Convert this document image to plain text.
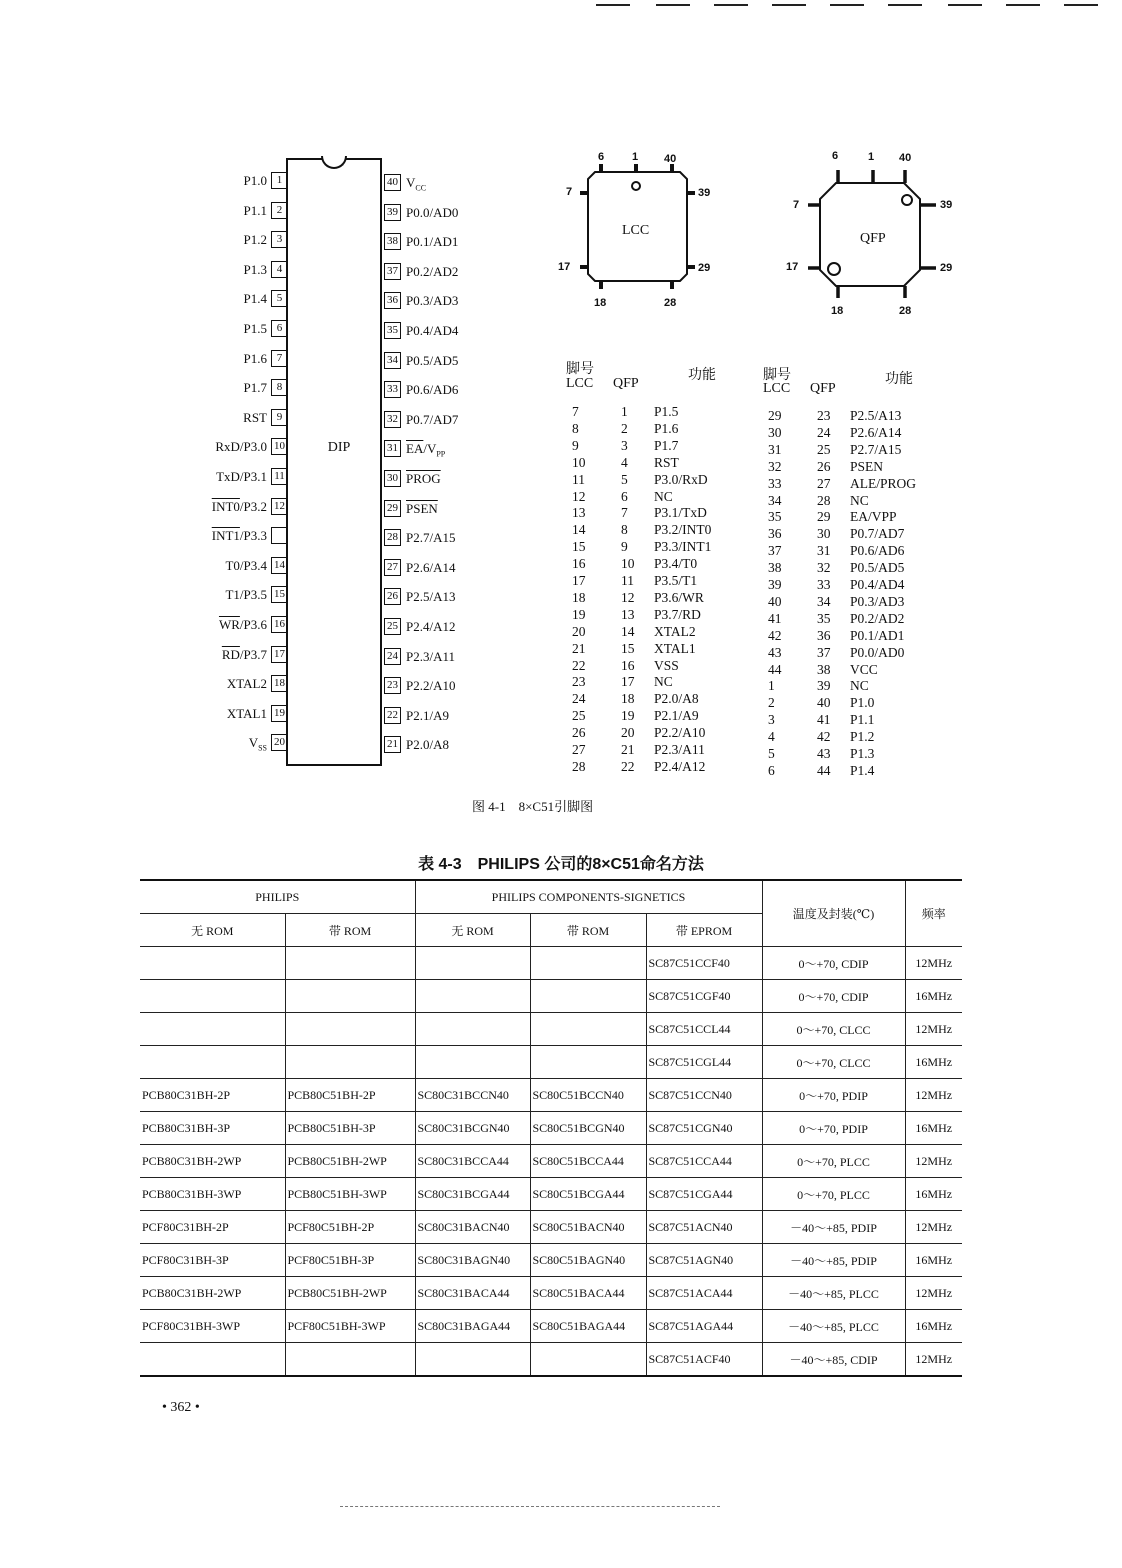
DIP
P1.0 1
P1.1 2
P1.2 3
P1.3 4
P1.4 5
P1.5 6
P1.6 7
P1.7 8
RST 9
RxD/P3.0 10
TxD/P3.1 11
INT0/P3.2 12
INT1/P3.3
T0/P3.4 14
T1/P3.5 15
$\overline{WR}/P3.6$ 16
$\overline{RD}/P3.7$ 17
XTAL2 18
XTAL1 19
$V_{SS}$
20
40 $V_{CC}$
39 P0.0/AD0
38 P0.1/AD1
37 P0.2/AD2
36 P0.3/AD3
35 P0.4/AD4
34 P0.5/AD5
33 P0.6/AD6
32 P0.7/AD7
31 $\overline{EA}/V_{PP}$
30 PROG
29 PSEN
28 P2.7/A15
27 P2.6/A14
26 P2.5/A13
25 P2.4/A12
24 P2.3/A11
23 P2.2/A10
22 P2.1/A9
21 P2.0/A8
LCC
6	1 40
7
17
39
29
18	28
QFP
6	1 40
7
17
39
29
18	28
脚号
LCC QFP
功能	脚号
LCC QFP
功能
7	1 P1.5
8	2 P1.6
9	3 P1.7
10	4 RST
11	5 P3.0/RxD
12	6 NC
13	7 P3.1/TxD
14	8 P3.2/INT0
15	9 P3.3/INT1
16	10 P3.4/T0
17	11 P3.5/T1
18	12 P3.6/WR
19	13 P3.7/RD
20	14 XTAL2
21	15 XTAL1
22	16 VSS
23	17 NC
24	18 P2.0/A8
25	19 P2.1/A9
26	20 P2.2/A10
27	21 P2.3/A11
28	22 P2.4/A12
29	23 P2.5/A13
30	24 P2.6/A14
31	25 P2.7/A15
32	26 PSEN
33	27 ALE/PROG
34	28 NC
35	29 EA/VPP
36	30 P0.7/AD7
37	31 P0.6/AD6
38	32 P0.5/AD5
39	33 P0.4/AD4
40	34 P0.3/AD3
41	35 P0.2/AD2
42	36 P0.1/AD1
43	37 P0.0/AD0
44	38 VCC
1	39 NC
2	40 P1.0
3	41 P1.1
4	42 P1.2
5	43 P1.3
6	44 P1.4
图 4-1　8×C51引脚图
表 4-3　PHILIPS 公司的8×C51命名方法
PHILIPS		PHILIPS COMPONENTS-SIGNETICS			温度及封装(℃)	频率
无 ROM	带 ROM	无 ROM	带 ROM	带 EPROM		
				SC87C51CCF40	0～+70, CDIP	12MHz
				SC87C51CGF40	0～+70, CDIP	16MHz
				SC87C51CCL44	0～+70, CLCC	12MHz
				SC87C51CGL44	0～+70, CLCC	16MHz
PCB80C31BH-2P	PCB80C51BH-2P	SC80C31BCCN40	SC80C51BCCN40	SC87C51CCN40	0～+70, PDIP	12MHz
PCB80C31BH-3P	PCB80C51BH-3P	SC80C31BCGN40	SC80C51BCGN40	SC87C51CGN40	0～+70, PDIP	16MHz
PCB80C31BH-2WP	PCB80C51BH-2WP	SC80C31BCCA44	SC80C51BCCA44	SC87C51CCA44	0～+70, PLCC	12MHz
PCB80C31BH-3WP	PCB80C51BH-3WP	SC80C31BCGA44	SC80C51BCGA44	SC87C51CGA44	0～+70, PLCC	16MHz
PCF80C31BH-2P	PCF80C51BH-2P	SC80C31BACN40	SC80C51BACN40	SC87C51ACN40	－40～+85, PDIP	12MHz
PCF80C31BH-3P	PCF80C51BH-3P	SC80C31BAGN40	SC80C51BAGN40	SC87C51AGN40	－40～+85, PDIP	16MHz
PCB80C31BH-2WP	PCB80C51BH-2WP	SC80C31BACA44	SC80C51BACA44	SC87C51ACA44	－40～+85, PLCC	12MHz
PCF80C31BH-3WP	PCF80C51BH-3WP	SC80C31BAGA44	SC80C51BAGA44	SC87C51AGA44	－40～+85, PLCC	16MHz
				SC87C51ACF40	－40～+85, CDIP	12MHz
• 362 •
